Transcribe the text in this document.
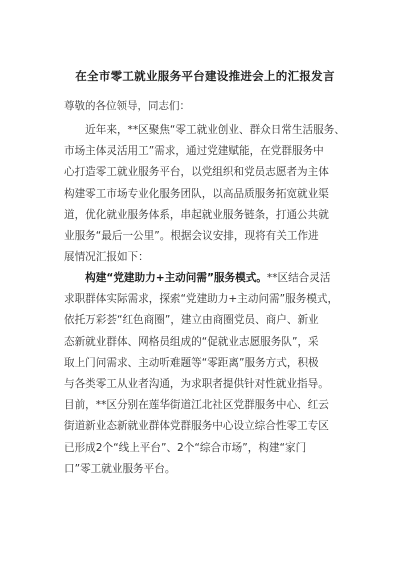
在全市零工就业服务平台建设推进会上的汇报发言
尊敬的各位领导，同志们：
　　近年来，**区聚焦“零工就业创业、群众日常生活服务、
市场主体灵活用工”需求，通过党建赋能，在党群服务中
心打造零工就业服务平台，以党组织和党员志愿者为主体
构建零工市场专业化服务团队，以高品质服务拓宽就业渠
道，优化就业服务体系，串起就业服务链条，打通公共就
业服务“最后一公里”。根据会议安排，现将有关工作进
展情况汇报如下：
　　构建“党建助力+主动问需”服务模式。**区结合灵活
求职群体实际需求，探索“党建助力+主动问需”服务模式，
依托万彩荟“红色商圈”，建立由商圈党员、商户、新业
态新就业群体、网格员组成的“促就业志愿服务队”，采
取上门问需求、主动听难题等“零距离”服务方式，积极
与各类零工从业者沟通，为求职者提供针对性就业指导。
目前，**区分别在莲华街道江北社区党群服务中心、红云
街道新业态新就业群体党群服务中心设立综合性零工专区
已形成2个“线上平台”、2个“综合市场”，构建“家门
口”零工就业服务平台。
